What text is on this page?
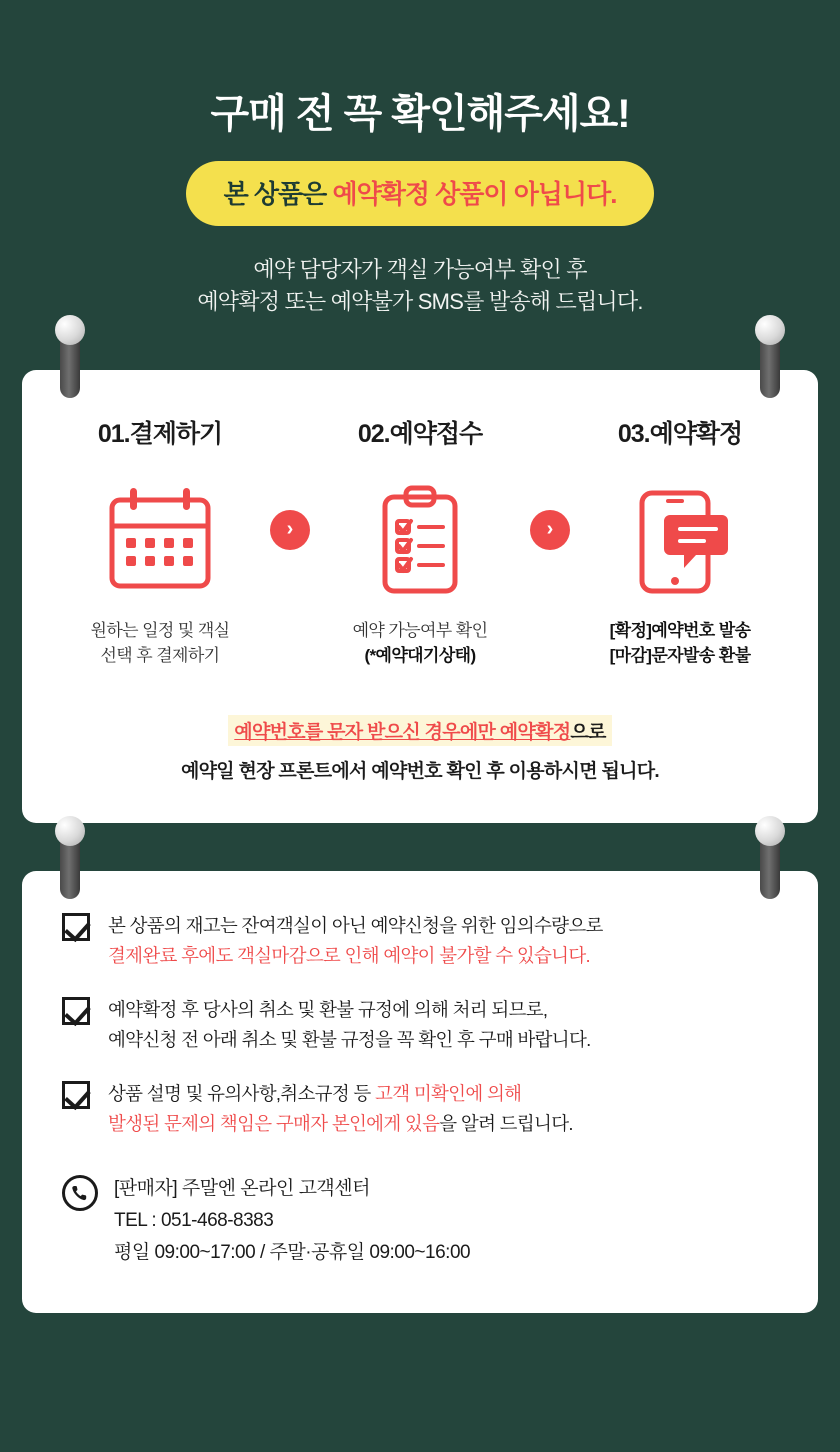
구매 전 꼭 확인해주세요!
본 상품은 예약확정 상품이 아닙니다.
예약 담당자가 객실 가능여부 확인 후
예약확정 또는 예약불가 SMS를 발송해 드립니다.
01.결제하기
원하는 일정 및 객실
선택 후 결제하기
›
02.예약접수
예약 가능여부 확인
(*예약대기상태)
›
03.예약확정
[확정]예약번호 발송
[마감]문자발송 환불
예약번호를 문자 받으신 경우에만 예약확정으로
예약일 현장 프론트에서 예약번호 확인 후 이용하시면 됩니다.
본 상품의 재고는 잔여객실이 아닌 예약신청을 위한 임의수량으로
결제완료 후에도 객실마감으로 인해 예약이 불가할 수 있습니다.
예약확정 후 당사의 취소 및 환불 규정에 의해 처리 되므로,
예약신청 전 아래 취소 및 환불 규정을 꼭 확인 후 구매 바랍니다.
상품 설명 및 유의사항,취소규정 등 고객 미확인에 의해
발생된 문제의 책임은 구매자 본인에게 있음을 알려 드립니다.
[판매자] 주말엔 온라인 고객센터
TEL : 051-468-8383
평일 09:00~17:00 / 주말·공휴일 09:00~16:00
